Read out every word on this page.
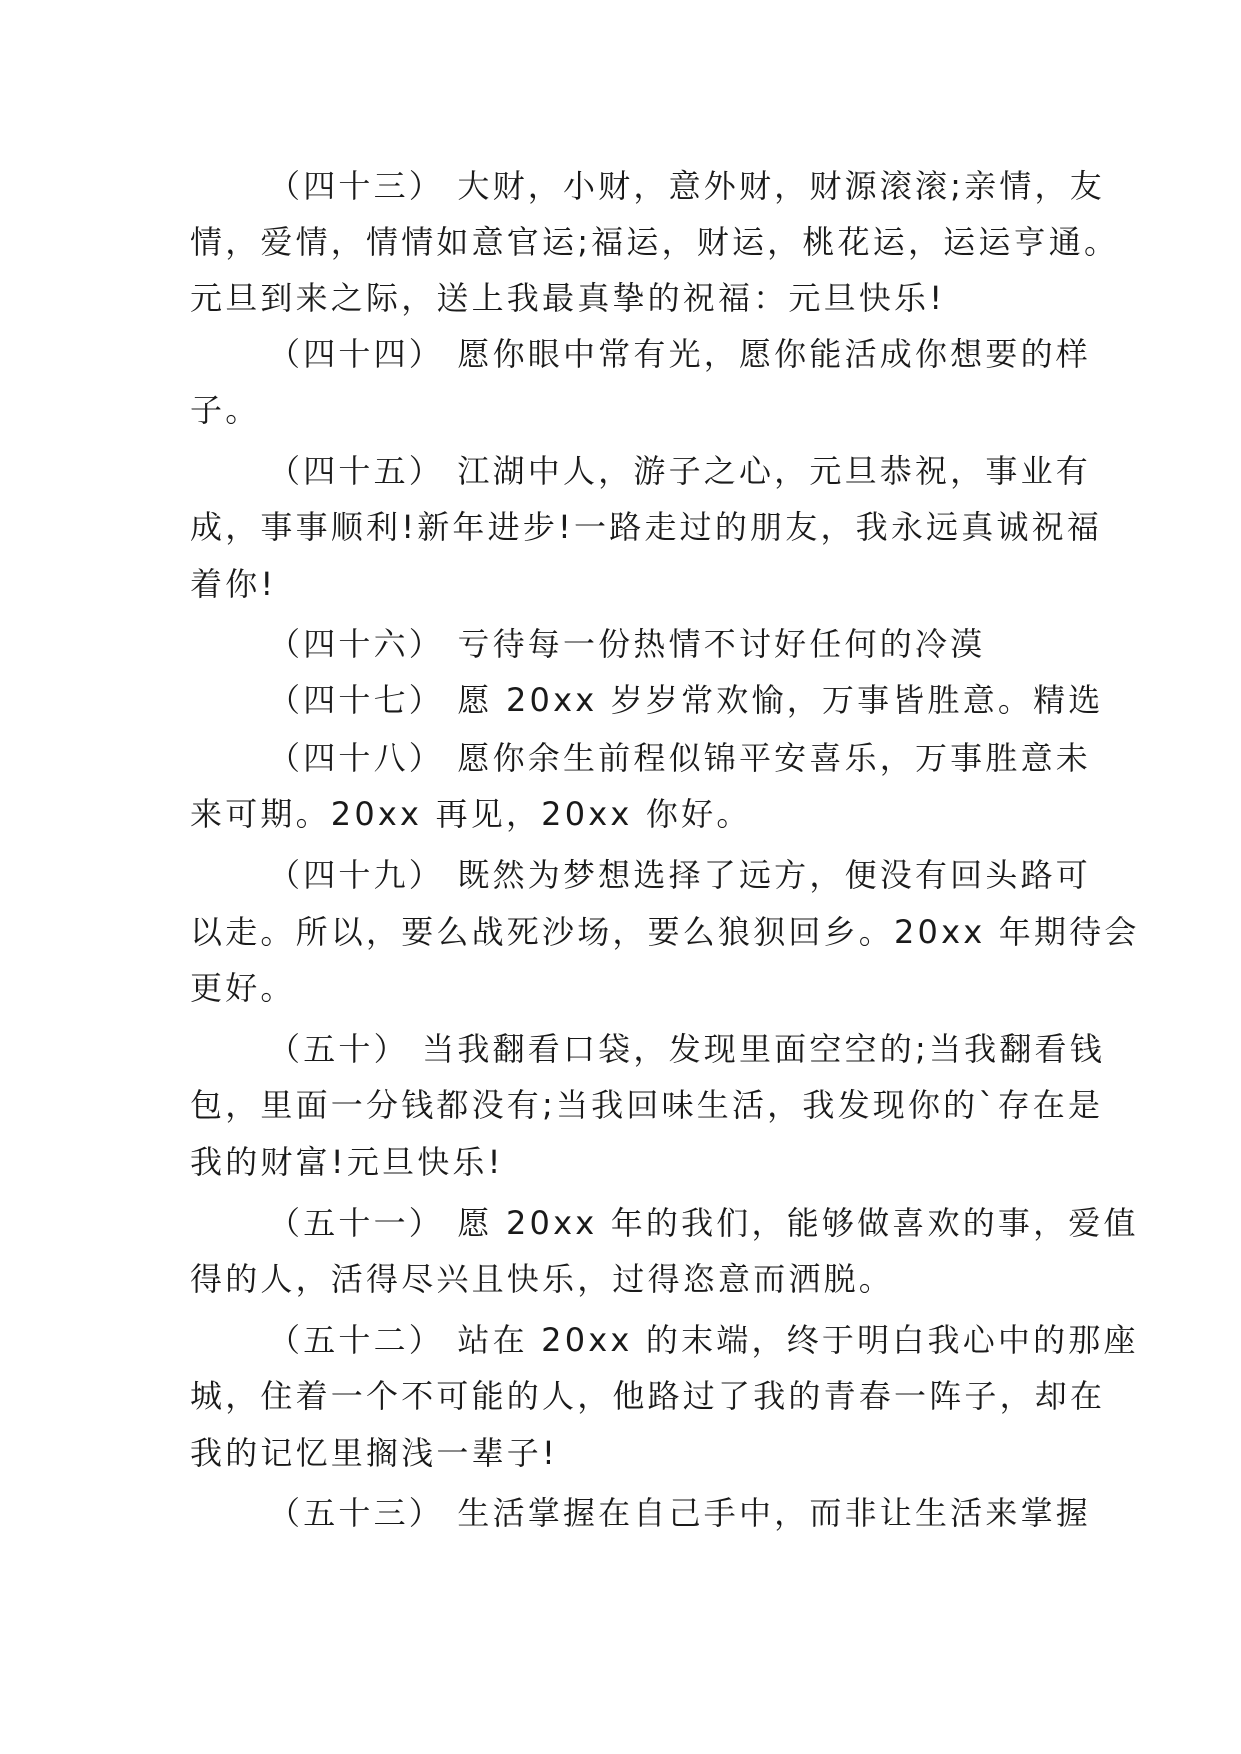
（四十三） 大财，小财，意外财，财源滚滚;亲情，友
情，爱情，情情如意官运;福运，财运，桃花运，运运亨通。
元旦到来之际，送上我最真挚的祝福：元旦快乐!
（四十四） 愿你眼中常有光，愿你能活成你想要的样
子。
（四十五） 江湖中人，游子之心，元旦恭祝，事业有
成，事事顺利!新年进步!一路走过的朋友，我永远真诚祝福
着你!
（四十六） 亏待每一份热情不讨好任何的冷漠
（四十七） 愿 20xx 岁岁常欢愉，万事皆胜意。精选
（四十八） 愿你余生前程似锦平安喜乐，万事胜意未
来可期。20xx 再见，20xx 你好。
（四十九） 既然为梦想选择了远方，便没有回头路可
以走。所以，要么战死沙场，要么狼狈回乡。20xx 年期待会
更好。
（五十） 当我翻看口袋，发现里面空空的;当我翻看钱
包，里面一分钱都没有;当我回味生活，我发现你的`存在是
我的财富!元旦快乐!
（五十一） 愿 20xx 年的我们，能够做喜欢的事，爱值
得的人，活得尽兴且快乐，过得恣意而洒脱。
（五十二） 站在 20xx 的末端，终于明白我心中的那座
城，住着一个不可能的人，他路过了我的青春一阵子，却在
我的记忆里搁浅一辈子!
（五十三） 生活掌握在自己手中，而非让生活来掌握
